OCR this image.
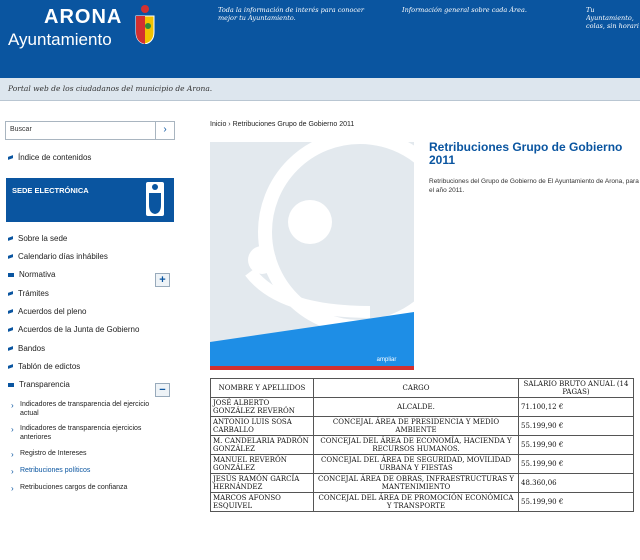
ARONA
Ayuntamiento
Toda la información de interés para conocer mejor tu Ayuntamiento.
Información general sobre cada Área.	Tu Ayuntamiento, colas, sin horari
Portal web de los ciudadanos del municipio de Arona.
Buscar	›
Índice de contenidos
SEDE ELECTRÓNICA
Sobre la sede
Calendario días inhábiles
Normativa	+
Trámites
Acuerdos del pleno
Acuerdos de la Junta de Gobierno
Bandos
Tablón de edictos
Transparencia	−
› Indicadores de transparencia del ejercicio actual
› Indicadores de transparencia ejercicios anteriores
› Registro de Intereses
› Retribuciones políticos
› Retribuciones cargos de confianza
Inicio › Retribuciones Grupo de Gobierno 2011
ampliar
Retribuciones Grupo de Gobierno 2011
Retribuciones del Grupo de Gobierno de El Ayuntamiento de Arona, para el año 2011.
NOMBRE Y APELLIDOS	CARGO	SALARIO BRUTO ANUAL (14 PAGAS)
JOSÉ ALBERTO GONZÁLEZ REVERÓN	ALCALDE.	71.100,12 €
ANTONIO LUIS SOSA CARBALLO	CONCEJAL ÁREA DE PRESIDENCIA Y MEDIO AMBIENTE	55.199,90 €
M. CANDELARIA PADRÓN GONZÁLEZ	CONCEJAL DEL ÁREA DE ECONOMÍA, HACIENDA Y RECURSOS HUMANOS.	55.199,90 €
MANUEL REVERÓN GONZÁLEZ	CONCEJAL DEL ÁREA DE SEGURIDAD, MOVILIDAD URBANA Y FIESTAS	55.199,90 €
JESÚS RAMÓN GARCÍA HERNÁNDEZ	CONCEJAL ÁREA DE OBRAS, INFRAESTRUCTURAS Y MANTENIMIENTO	48.360,06
MARCOS AFONSO ESQUIVEL	CONCEJAL DEL ÁREA DE PROMOCIÓN ECONÓMICA Y TRANSPORTE	55.199,90 €
